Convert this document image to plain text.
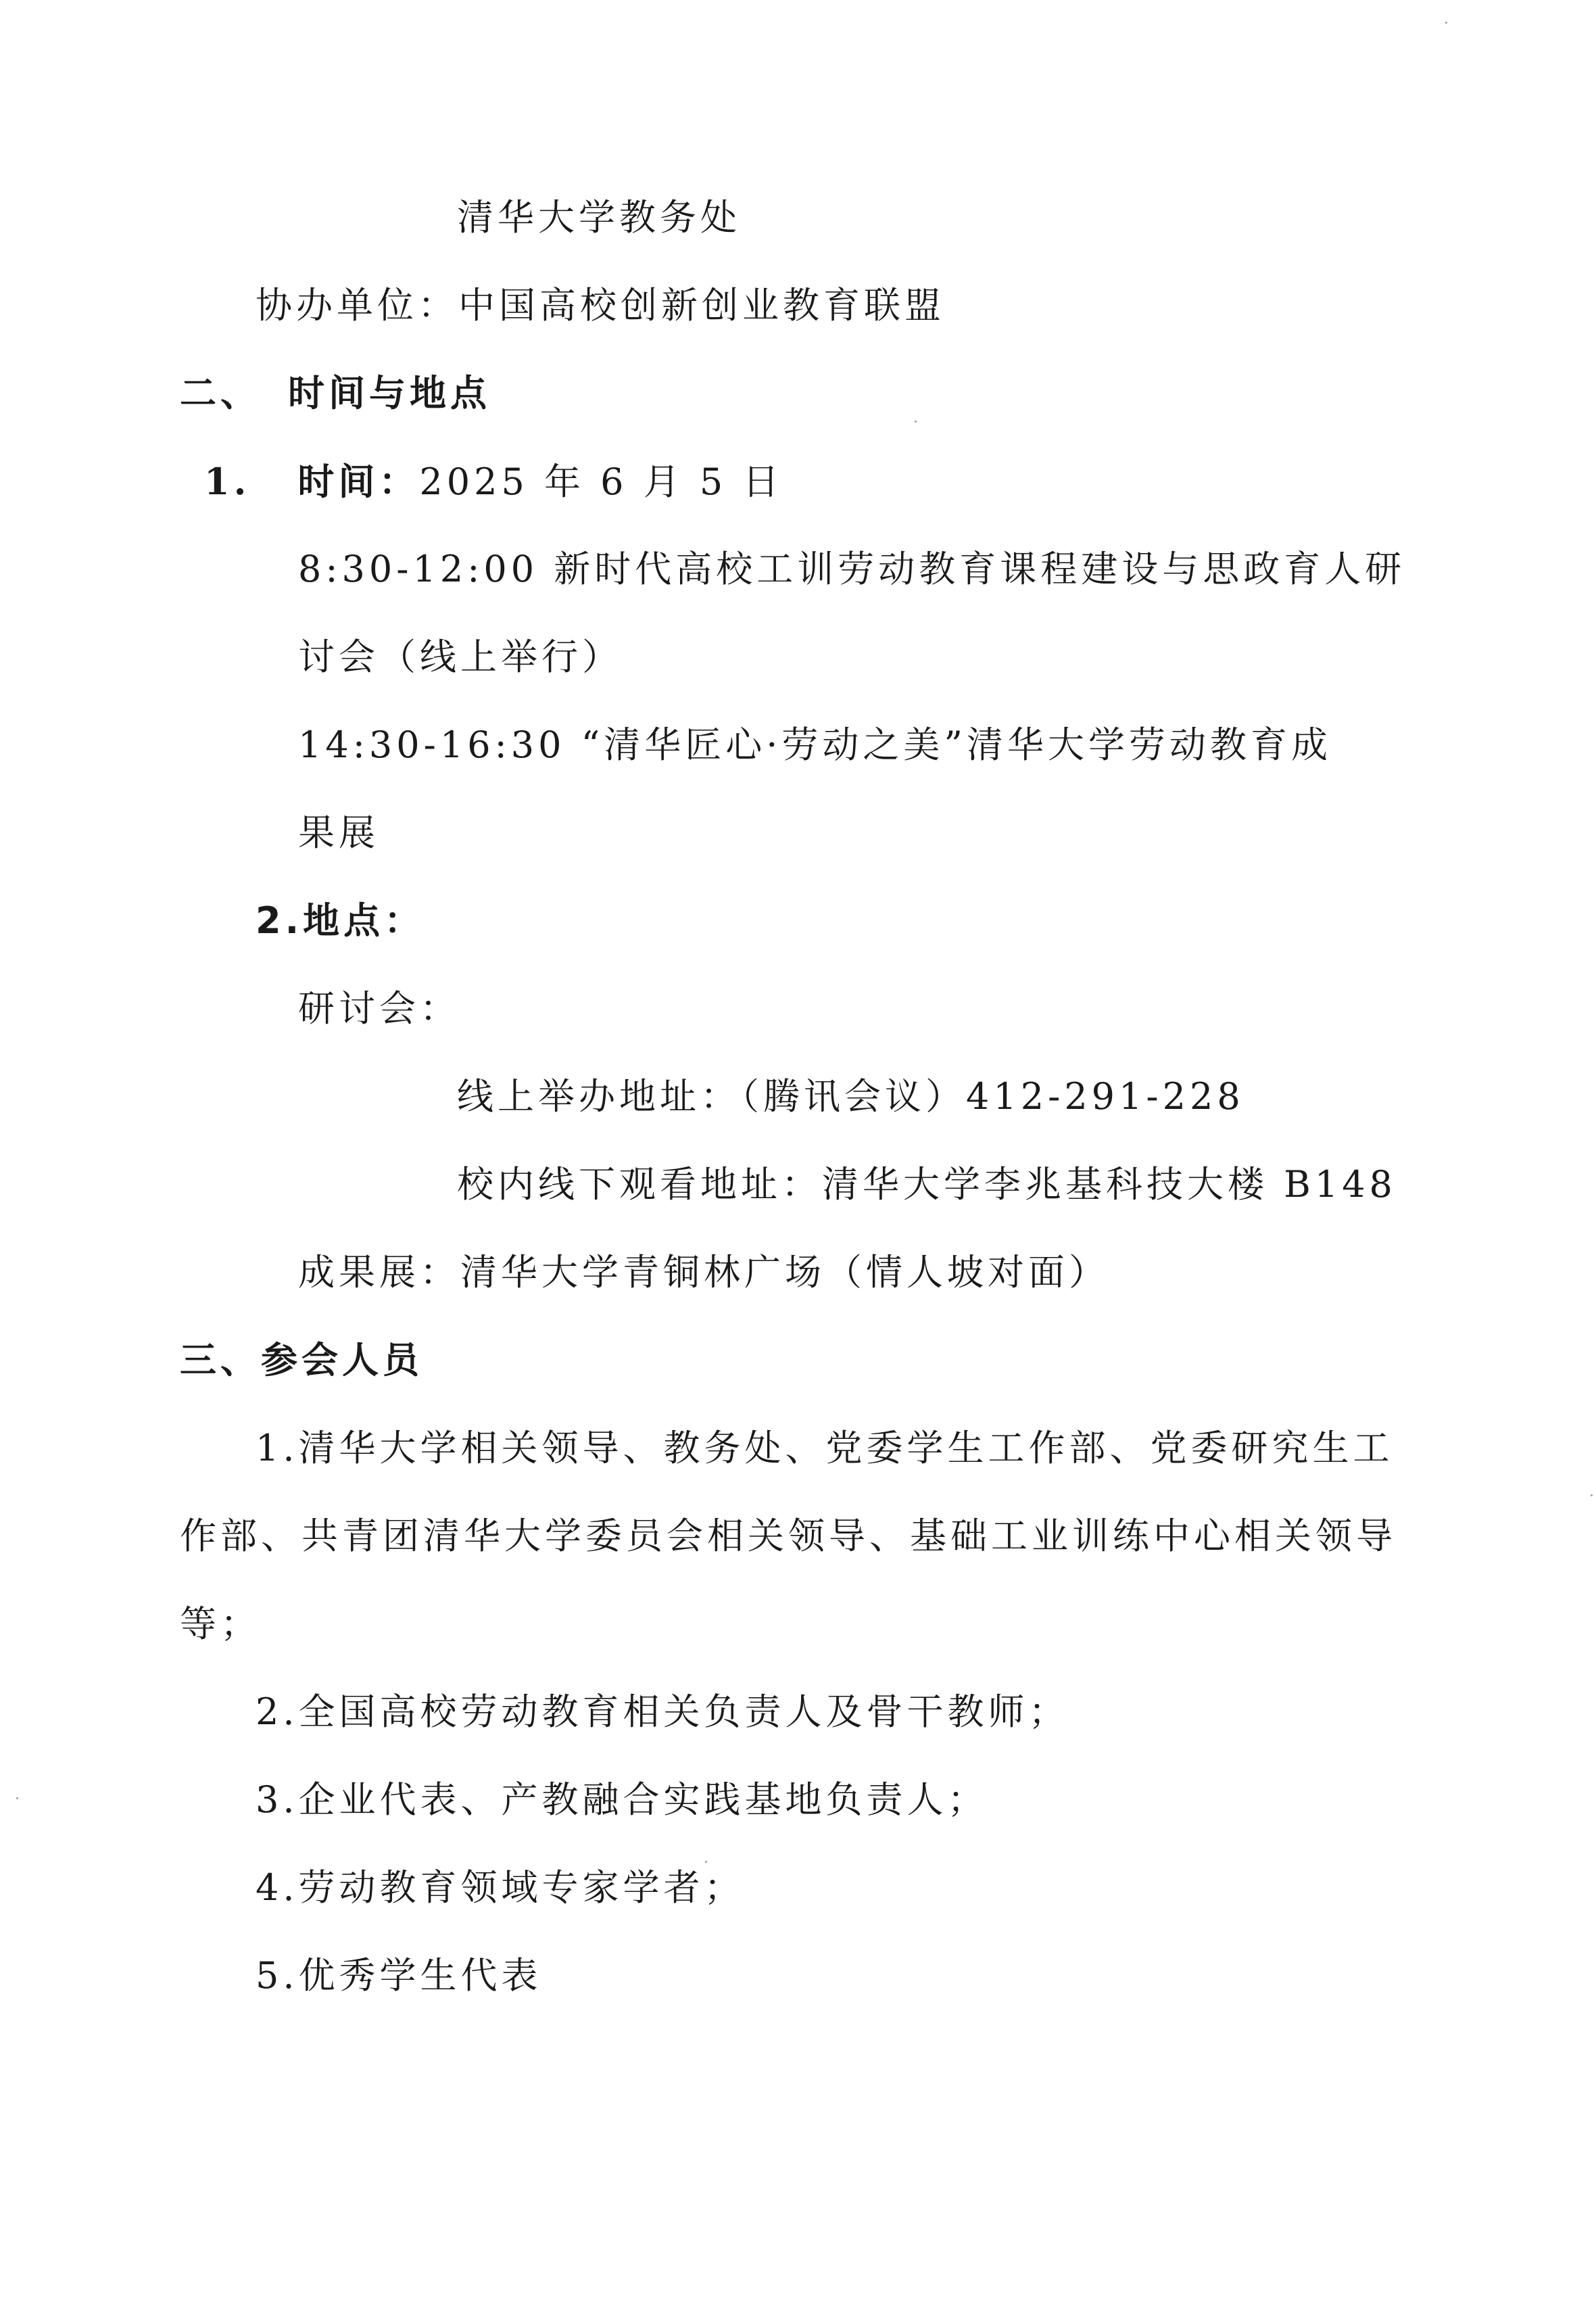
清华大学教务处
协办单位：中国高校创新创业教育联盟
二、 时间与地点
1. 时间：2025 年 6 月 5 日
8:30-12:00 新时代高校工训劳动教育课程建设与思政育人研
讨会（线上举行）
14:30-16:30 “清华匠心·劳动之美”清华大学劳动教育成
果展
2.地点：
研讨会：
线上举办地址：（腾讯会议）412-291-228
校内线下观看地址：清华大学李兆基科技大楼 B148
成果展：清华大学青铜林广场（情人坡对面）
三、参会人员
1.清华大学相关领导、教务处、党委学生工作部、党委研究生工
作部、共青团清华大学委员会相关领导、基础工业训练中心相关领导
等；
2.全国高校劳动教育相关负责人及骨干教师；
3.企业代表、产教融合实践基地负责人；
4.劳动教育领域专家学者；
5.优秀学生代表
